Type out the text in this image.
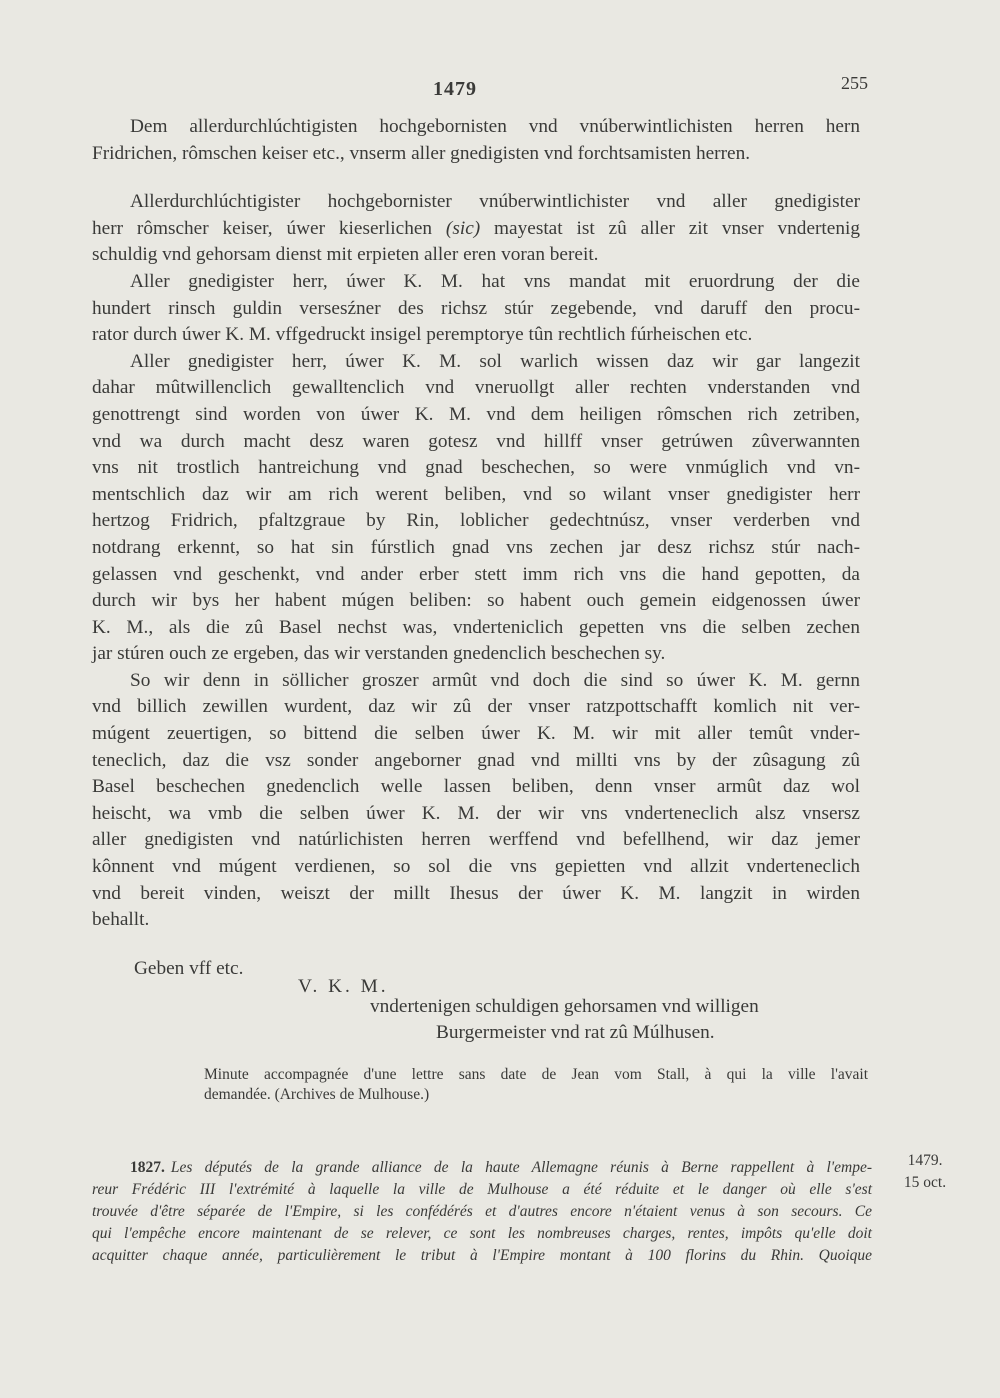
1479	255

Dem allerdurchlúchtigisten hochgebornisten vnd vnúberwintlichisten herren hern
Fridrichen, rômschen keiser etc., vnserm aller gnedigisten vnd forchtsamisten herren.

Allerdurchlúchtigister hochgebornister vnúberwintlichister vnd aller gnedigister
herr rômscher keiser, úwer kieserlichen (sic) mayestat ist zû aller zit vnser vndertenig
schuldig vnd gehorsam dienst mit erpieten aller eren voran bereit.

Aller gnedigister herr, úwer K. M. hat vns mandat mit eruordrung der die
hundert rinsch guldin versesźner des richsz stúr zegebende, vnd daruff den procu-
rator durch úwer K. M. vffgedruckt insigel peremptorye tûn rechtlich fúrheischen etc.

Aller gnedigister herr, úwer K. M. sol warlich wissen daz wir gar langezit
dahar mûtwillenclich gewalltenclich vnd vneruollgt aller rechten vnderstanden vnd
genottrengt sind worden von úwer K. M. vnd dem heiligen rômschen rich zetriben,
vnd wa durch macht desz waren gotesz vnd hillff vnser getrúwen zûverwannten
vns nit trostlich hantreichung vnd gnad beschechen, so were vnmúglich vnd vn-
mentschlich daz wir am rich werent beliben, vnd so wilant vnser gnedigister herr
hertzog Fridrich, pfaltzgraue by Rin, loblicher gedechtnúsz, vnser verderben vnd
notdrang erkennt, so hat sin fúrstlich gnad vns zechen jar desz richsz stúr nach-
gelassen vnd geschenkt, vnd ander erber stett imm rich vns die hand gepotten, da
durch wir bys her habent múgen beliben: so habent ouch gemein eidgenossen úwer
K. M., als die zû Basel nechst was, vnderteniclich gepetten vns die selben zechen
jar stúren ouch ze ergeben, das wir verstanden gnedenclich beschechen sy.

So wir denn in söllicher groszer armût vnd doch die sind so úwer K. M. gernn
vnd billich zewillen wurdent, daz wir zû der vnser ratzpottschafft komlich nit ver-
múgent zeuertigen, so bittend die selben úwer K. M. wir mit aller temût vnder-
teneclich, daz die vsz sonder angeborner gnad vnd millti vns by der zûsagung zû
Basel beschechen gnedenclich welle lassen beliben, denn vnser armût daz wol
heischt, wa vmb die selben úwer K. M. der wir vns vnderteneclich alsz vnsersz
aller gnedigisten vnd natúrlichisten herren werffend vnd befellhend, wir daz jemer
kônnent vnd múgent verdienen, so sol die vns gepietten vnd allzit vnderteneclich
vnd bereit vinden, weiszt der millt Ihesus der úwer K. M. langzit in wirden
behallt.

Geben vff etc.
V. K. M.
vndertenigen schuldigen gehorsamen vnd willigen
Burgermeister vnd rat zû Múlhusen.
Minute accompagnée d'une lettre sans date de Jean vom Stall, à qui la ville l'avait
demandée. (Archives de Mulhouse.)
1827. Les députés de la grande alliance de la haute Allemagne réunis à Berne rappellent à l'empe-
reur Frédéric III l'extrémité à laquelle la ville de Mulhouse a été réduite et le danger où elle s'est
trouvée d'être séparée de l'Empire, si les confédérés et d'autres encore n'étaient venus à son secours. Ce
qui l'empêche encore maintenant de se relever, ce sont les nombreuses charges, rentes, impôts qu'elle doit
acquitter chaque année, particulièrement le tribut à l'Empire montant à 100 florins du Rhin. Quoique
1479.
15 oct.
